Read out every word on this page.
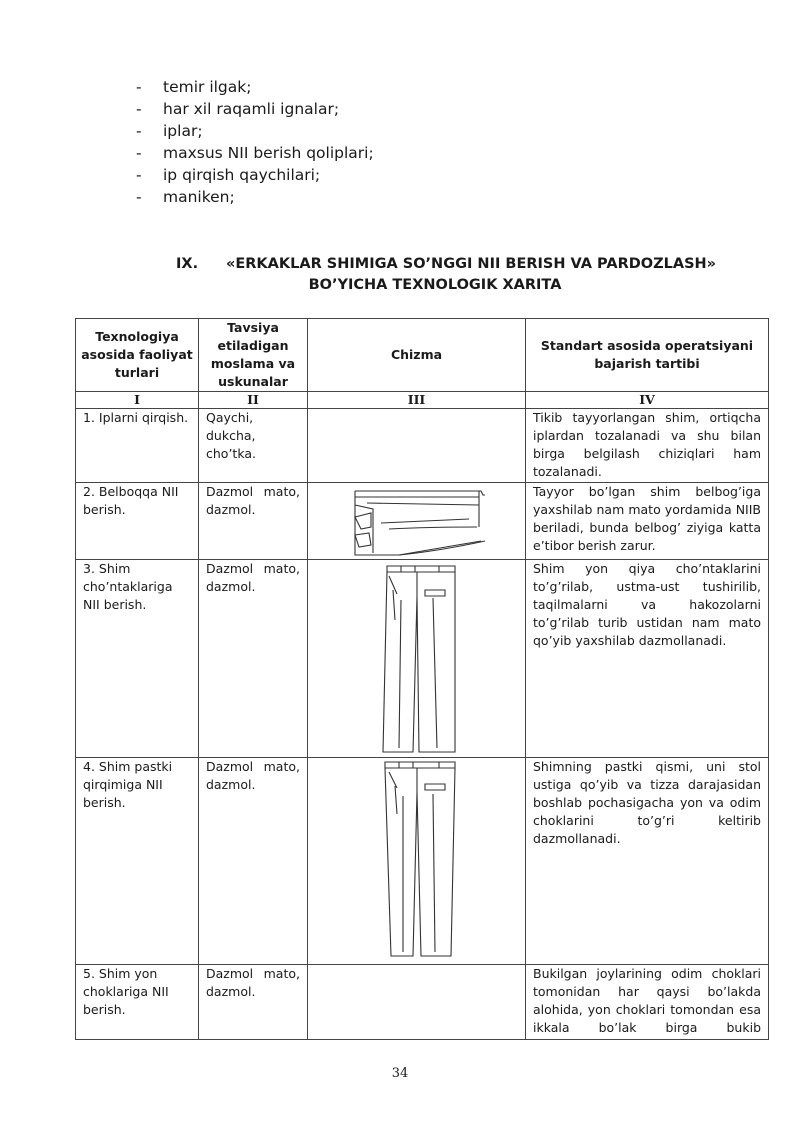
- temir ilgak;
- har xil raqamli ignalar;
- iplar;
- maxsus NII berish qoliplari;
- ip qirqish qaychilari;
- maniken;
IX. «ERKAKLAR SHIMIGA SO’NGGI NII BERISH VA PARDOZLASH»
BO’YICHA TEXNOLOGIK XARITA
Texnologiya asosida faoliyat turlari	Tavsiya etiladigan moslama va uskunalar	Chizma	Standart asosida operatsiyani bajarish tartibi
I	II	III	IV
1. Iplarni qirqish.	Qaychi, dukcha, cho’tka.		Tikib tayyorlangan shim, ortiqcha iplardan tozalanadi va shu bilan birga belgilash chiziqlari ham tozalanadi.
2. Belboqqa NII berish.	Dazmol mato, dazmol.		Tayyor bo’lgan shim belbog’iga yaxshilab nam mato yordamida NIIB beriladi, bunda belbog’ ziyiga katta e’tibor berish zarur.
3. Shim cho’ntaklariga NII berish.	Dazmol mato, dazmol.		Shim yon qiya cho’ntaklarini to’g’rilab, ustma-ust tushirilib, taqilmalarni va hakozolarni to’g’rilab turib ustidan nam mato qo’yib yaxshilab dazmollanadi.
4. Shim pastki qirqimiga NII berish.	Dazmol mato, dazmol.		Shimning pastki qismi, uni stol ustiga qo’yib va tizza darajasidan boshlab pochasigacha yon va odim choklarini to’g’ri keltirib dazmollanadi.
5. Shim yon choklariga NII berish.	Dazmol mato, dazmol.		Bukilgan joylarining odim choklari tomonidan har qaysi bo’lakda alohida, yon choklari tomondan esa ikkala bo’lak birga bukib
34
